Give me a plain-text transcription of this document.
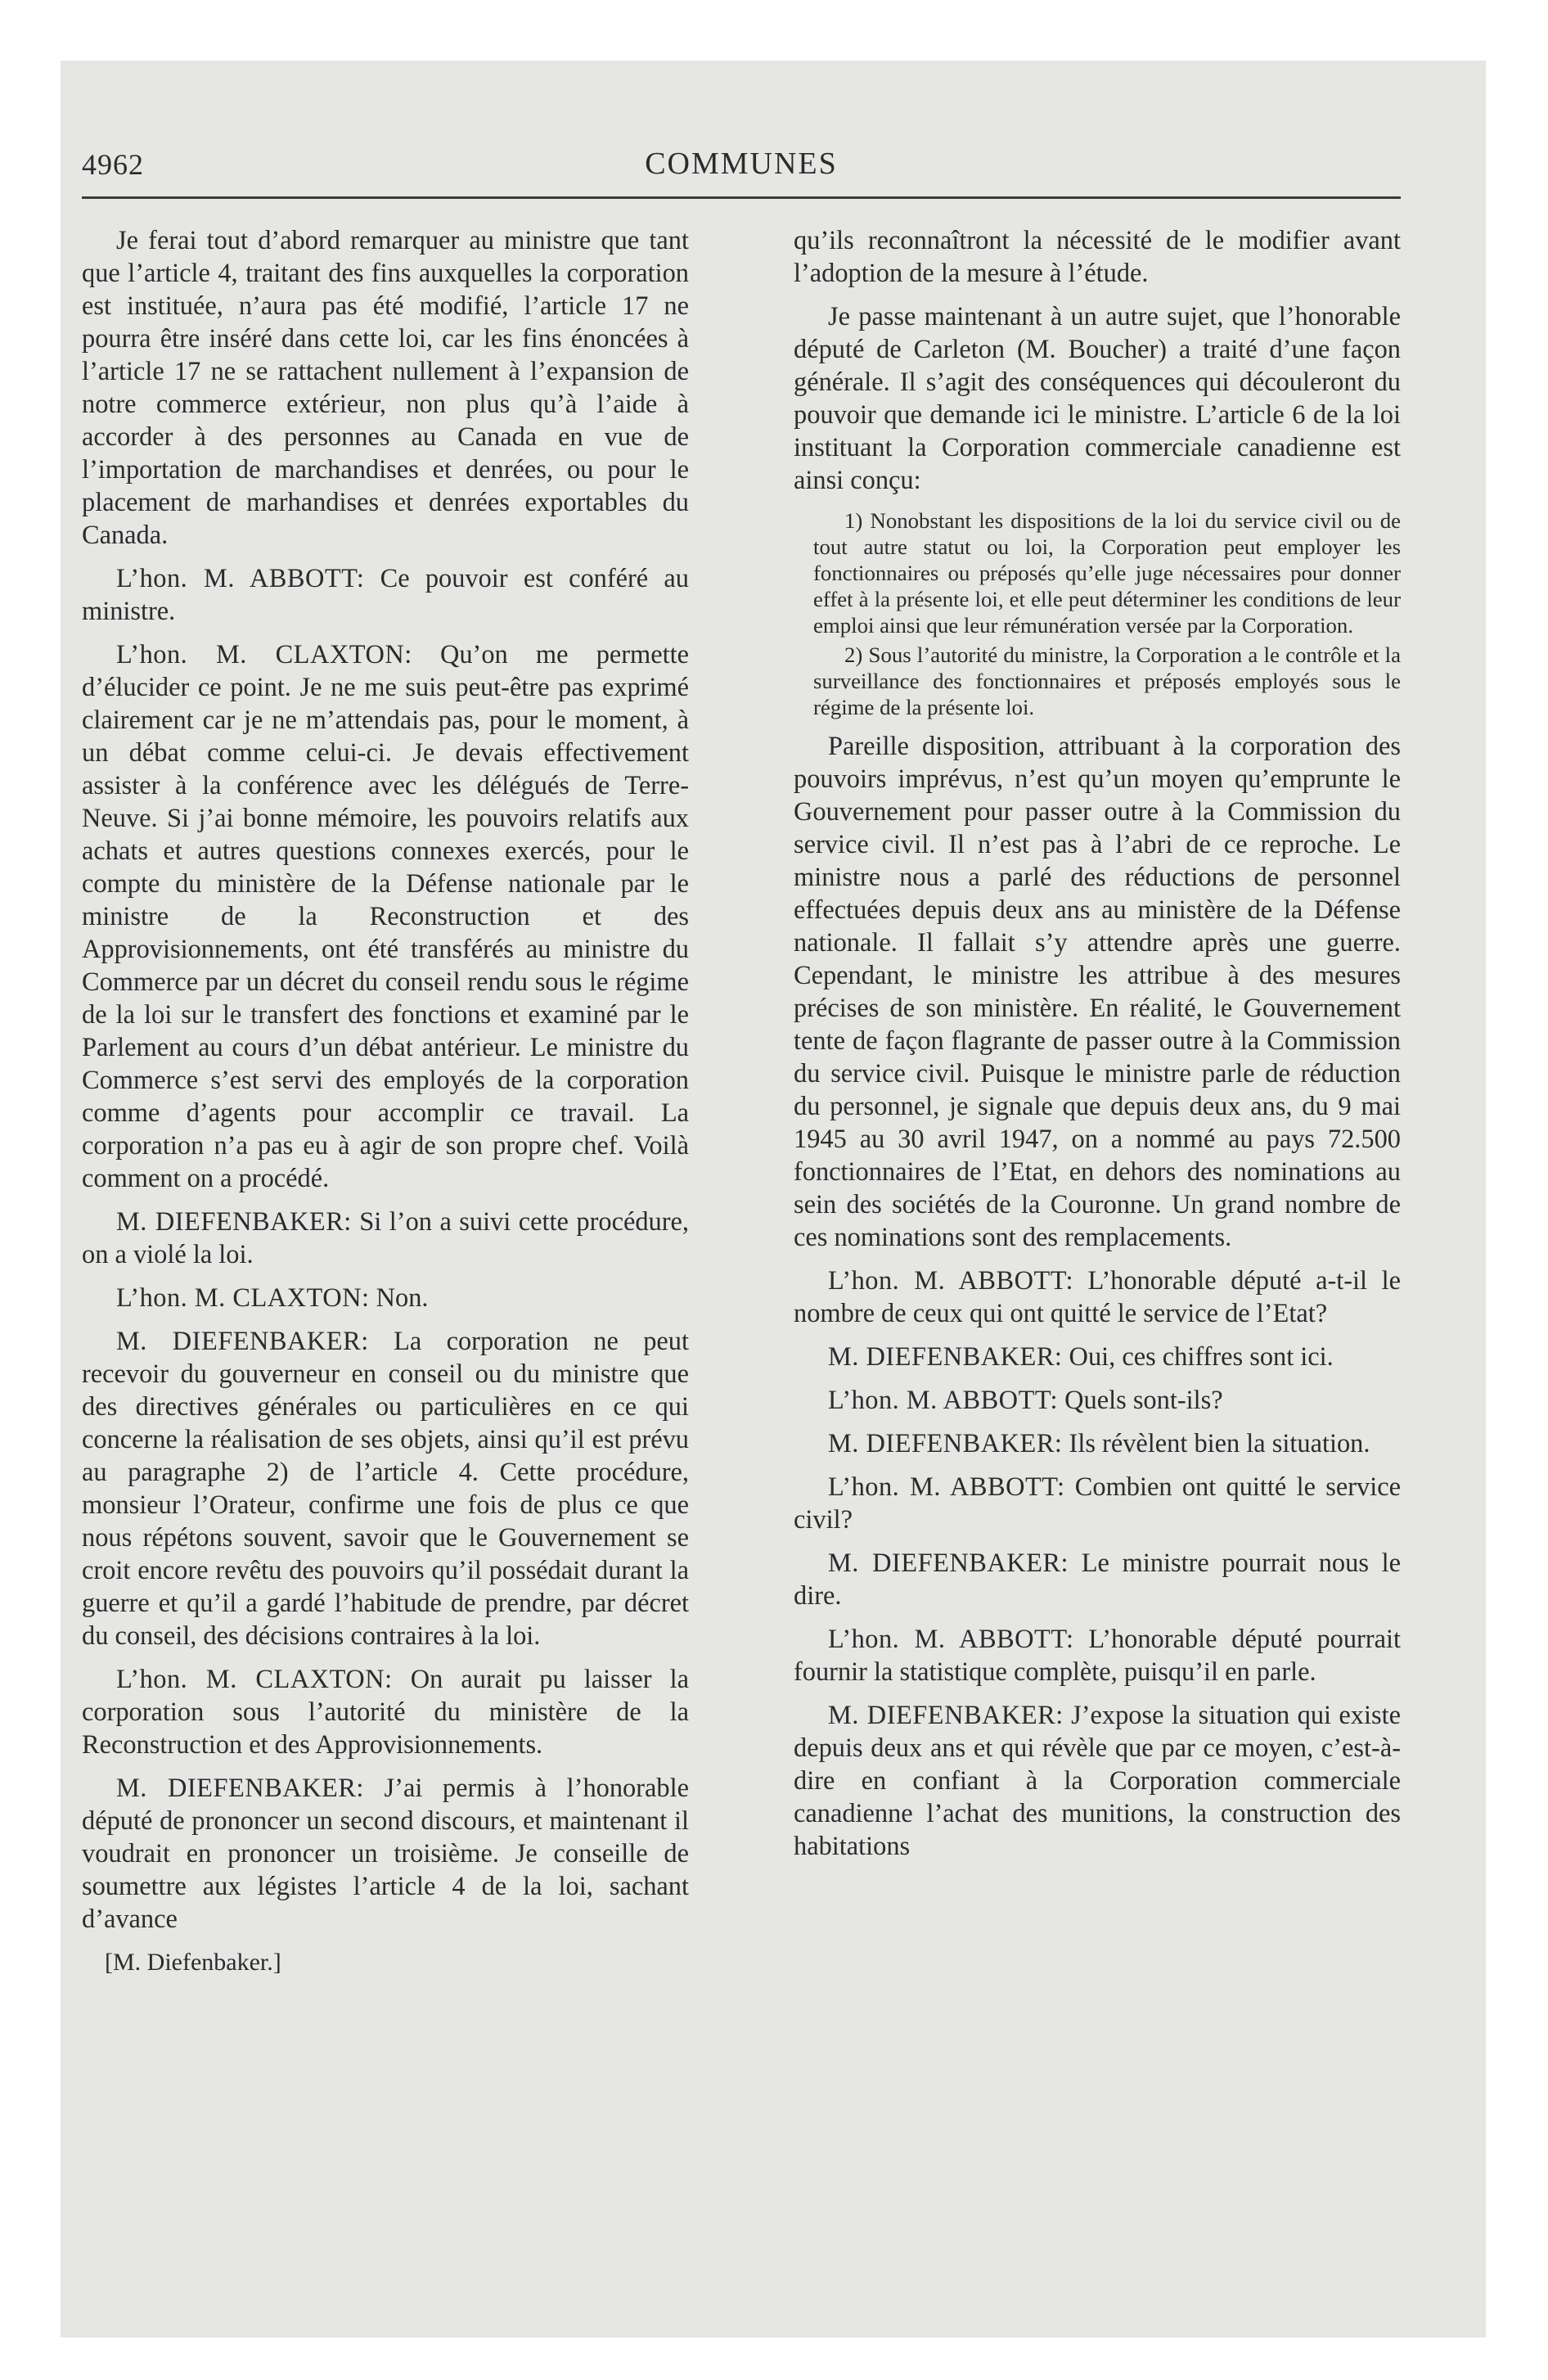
4962	COMMUNES

Je ferai tout d’abord remarquer au ministre que tant que l’article 4, traitant des fins auxquelles la corporation est instituée, n’aura pas été modifié, l’article 17 ne pourra être inséré dans cette loi, car les fins énoncées à l’article 17 ne se rattachent nullement à l’expansion de notre commerce extérieur, non plus qu’à l’aide à accorder à des personnes au Canada en vue de l’importation de marchandises et denrées, ou pour le placement de marhandises et denrées exportables du Canada.

L’hon. M. ABBOTT: Ce pouvoir est conféré au ministre.

L’hon. M. CLAXTON: Qu’on me permette d’élucider ce point. Je ne me suis peut-être pas exprimé clairement car je ne m’attendais pas, pour le moment, à un débat comme celui-ci. Je devais effectivement assister à la conférence avec les délégués de Terre-Neuve. Si j’ai bonne mémoire, les pouvoirs relatifs aux achats et autres questions connexes exercés, pour le compte du ministère de la Défense nationale par le ministre de la Reconstruction et des Approvisionnements, ont été transférés au ministre du Commerce par un décret du conseil rendu sous le régime de la loi sur le transfert des fonctions et examiné par le Parlement au cours d’un débat antérieur. Le ministre du Commerce s’est servi des employés de la corporation comme d’agents pour accomplir ce travail. La corporation n’a pas eu à agir de son propre chef. Voilà comment on a procédé.

M. DIEFENBAKER: Si l’on a suivi cette procédure, on a violé la loi.

L’hon. M. CLAXTON: Non.

M. DIEFENBAKER: La corporation ne peut recevoir du gouverneur en conseil ou du ministre que des directives générales ou particulières en ce qui concerne la réalisation de ses objets, ainsi qu’il est prévu au paragraphe 2) de l’article 4. Cette procédure, monsieur l’Orateur, confirme une fois de plus ce que nous répétons souvent, savoir que le Gouvernement se croit encore revêtu des pouvoirs qu’il possédait durant la guerre et qu’il a gardé l’habitude de prendre, par décret du conseil, des décisions contraires à la loi.

L’hon. M. CLAXTON: On aurait pu laisser la corporation sous l’autorité du ministère de la Reconstruction et des Approvisionnements.

M. DIEFENBAKER: J’ai permis à l’honorable député de prononcer un second discours, et maintenant il voudrait en prononcer un troisième. Je conseille de soumettre aux légistes l’article 4 de la loi, sachant d’avance

[M. Diefenbaker.]

qu’ils reconnaîtront la nécessité de le modifier avant l’adoption de la mesure à l’étude.

Je passe maintenant à un autre sujet, que l’honorable député de Carleton (M. Boucher) a traité d’une façon générale. Il s’agit des conséquences qui découleront du pouvoir que demande ici le ministre. L’article 6 de la loi instituant la Corporation commerciale canadienne est ainsi conçu:

1) Nonobstant les dispositions de la loi du service civil ou de tout autre statut ou loi, la Corporation peut employer les fonctionnaires ou préposés qu’elle juge nécessaires pour donner effet à la présente loi, et elle peut déterminer les conditions de leur emploi ainsi que leur rémunération versée par la Corporation.

2) Sous l’autorité du ministre, la Corporation a le contrôle et la surveillance des fonctionnaires et préposés employés sous le régime de la présente loi.

Pareille disposition, attribuant à la corporation des pouvoirs imprévus, n’est qu’un moyen qu’emprunte le Gouvernement pour passer outre à la Commission du service civil. Il n’est pas à l’abri de ce reproche. Le ministre nous a parlé des réductions de personnel effectuées depuis deux ans au ministère de la Défense nationale. Il fallait s’y attendre après une guerre. Cependant, le ministre les attribue à des mesures précises de son ministère. En réalité, le Gouvernement tente de façon flagrante de passer outre à la Commission du service civil. Puisque le ministre parle de réduction du personnel, je signale que depuis deux ans, du 9 mai 1945 au 30 avril 1947, on a nommé au pays 72.500 fonctionnaires de l’Etat, en dehors des nominations au sein des sociétés de la Couronne. Un grand nombre de ces nominations sont des remplacements.

L’hon. M. ABBOTT: L’honorable député a-t-il le nombre de ceux qui ont quitté le service de l’Etat?

M. DIEFENBAKER: Oui, ces chiffres sont ici.

L’hon. M. ABBOTT: Quels sont-ils?

M. DIEFENBAKER: Ils révèlent bien la situation.

L’hon. M. ABBOTT: Combien ont quitté le service civil?

M. DIEFENBAKER: Le ministre pourrait nous le dire.

L’hon. M. ABBOTT: L’honorable député pourrait fournir la statistique complète, puisqu’il en parle.

M. DIEFENBAKER: J’expose la situation qui existe depuis deux ans et qui révèle que par ce moyen, c’est-à-dire en confiant à la Corporation commerciale canadienne l’achat des munitions, la construction des habitations
